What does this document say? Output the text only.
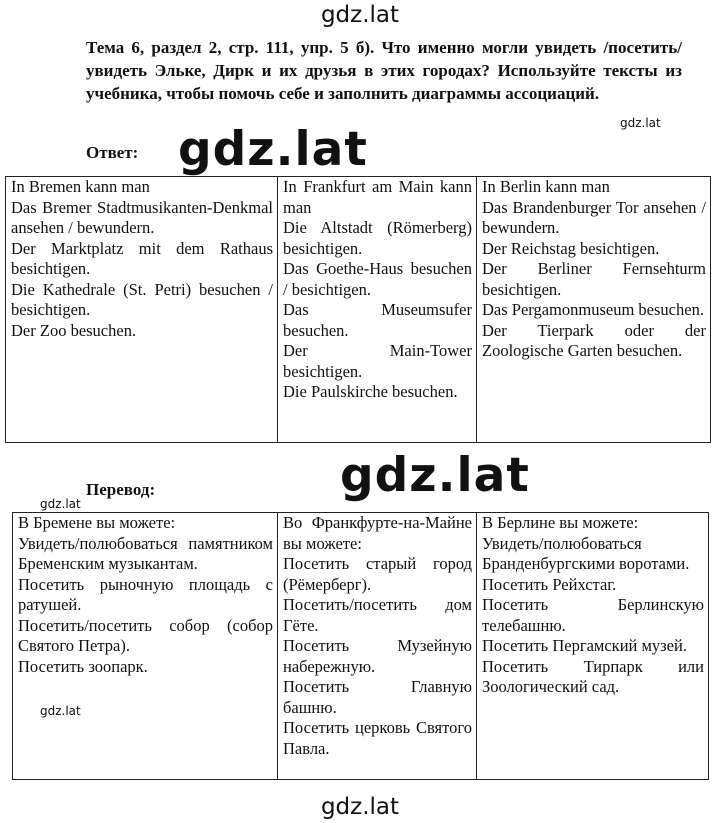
gdz.lat
Тема 6, раздел 2, стр. 111, упр. 5 б). Что именно могли увидеть /посетить/увидеть Эльке, Дирк и их друзья в этих городах? Используйте тексты из учебника, чтобы помочь себе и заполнить диаграммы ассоциаций.
gdz.lat
Ответ: gdz.lat

In Bremen kann man

Das Bremer Stadtmusikanten-Denkmal ansehen / bewundern.

Der Marktplatz mit dem Rathaus besichtigen.

Die Kathedrale (St. Petri) besuchen / besichtigen.

Der Zoo besuchen.

In Frankfurt am Main kann man

Die Altstadt (Römerberg) besichtigen.

Das Goethe-Haus besuchen / besichtigen.

Das Museumsufer besuchen.

Der Main-Tower besichtigen.

Die Paulskirche besuchen.

In Berlin kann man

Das Brandenburger Tor ansehen / bewundern.

Der Reichstag besichtigen.

Der Berliner Fernsehturm besichtigen.

Das Pergamonmuseum besuchen.

Der Tierpark oder der Zoologische Garten besuchen.

Перевод:	gdz.lat
gdz.lat

В Бремене вы можете:

Увидеть/полюбоваться памятником Бременским музыкантам.

Посетить рыночную площадь с ратушей.

Посетить/посетить собор (собор Святого Петра).

Посетить зоопарк.

Во Франкфурте-на-Майне вы можете:

Посетить старый город (Рёмерберг).

Посетить/посетить дом Гёте.

Посетить Музейную набережную.

Посетить Главную башню.

Посетить церковь Святого Павла.

В Берлине вы можете:

Увидеть/полюбоваться Бранденбургскими воротами.

Посетить Рейхстаг.

Посетить Берлинскую телебашню.

Посетить Пергамский музей.

Посетить Тирпарк или Зоологический сад.

gdz.lat
gdz.lat
